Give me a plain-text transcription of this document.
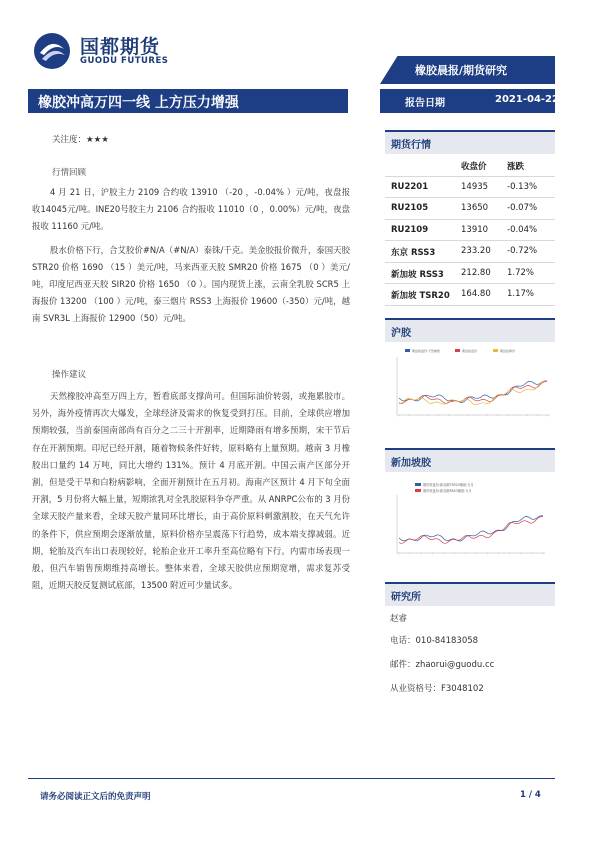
国都期货
GUODU FUTURES
橡胶晨报/期货研究
橡胶冲高万四一线 上方压力增强	报告日期	2021-04-22
关注度：★★★
行情回顾

4 月 21 日，沪胶主力 2109 合约收 13910 （-20 ，-0.04% ）元/吨，夜盘报收14045元/吨。INE20号胶主力 2106 合约报收 11010（0 ，0.00%）元/吨，夜盘报收 11160 元/吨。

股水价格下行，合艾胶价#N/A（#N/A）泰铢/千克。美金胶报价微升，泰国天胶 STR20 价格 1690 （15 ）美元/吨，马来西亚天胶 SMR20 价格 1675 （0 ）美元/吨，印度尼西亚天胶 SIR20 价格 1650 （0 ）。国内现货上涨，云南全乳胶 SCR5 上海报价 13200 （100 ）元/吨，泰三烟片 RSS3 上海报价 19600（-350）元/吨，越南 SVR3L 上海报价 12900（50）元/吨。

操作建议

天然橡胶冲高至万四上方，暂看底部支撑尚可。但国际油价转弱，或拖累胶市。另外，海外疫情再次大爆发，全球经济及需求的恢复受到打压。目前，全球供应增加预期较强，当前泰国南部尚有百分之二三十开割率，近期降雨有增多预期，宋干节后存在开割预期。印尼已经开割，随着物候条件好转，原料略有上量预期。越南 3 月橡胶出口量约 14 万吨，同比大增约 131%。预计 4 月底开割。中国云南产区部分开割，但是受干旱和白粉病影响，全面开割预计在五月初。海南产区预计 4 月下旬全面开割，5 月份将大幅上量，短期浓乳对全乳胶原料争夺严重。从 ANRPC公布的 3 月份全球天胶产量来看，全球天胶产量同环比增长，由于高价原料刺激割胶，在天气允许的条件下，供应预期会逐渐放量，原料价格亦呈震荡下行趋势，成本端支撑减弱。近期，轮胎及汽车出口表现较好，轮胎企业开工率升至高位略有下行。内需市场表现一般，但汽车销售预期维持高增长。整体来看，全球天胶供应预期宽增，需求复苏受阻，近期天胶反复测试底部，13500 附近可少量试多。

期货行情
收盘价 涨跌
RU2201	14935 -0.13%
RU2105	13650 -0.07%
RU2109	13910 -0.04%
东京 RSS3	233.20 -0.72%
新加坡 RSS3 212.80 1.72%
新加坡 TSR20 164.80 1.17%
沪胶
期货收盘价:天然橡胶	期货收盘价	期货结算价
新加坡胶
期货收盘价:新加坡TSR20橡胶:当月
期货收盘价:新加坡RSS3橡胶:当月
研究所
赵睿
电话：010-84183058
邮件：zhaorui@guodu.cc
从业资格号：F3048102
请务必阅读正文后的免责声明	1 / 4
